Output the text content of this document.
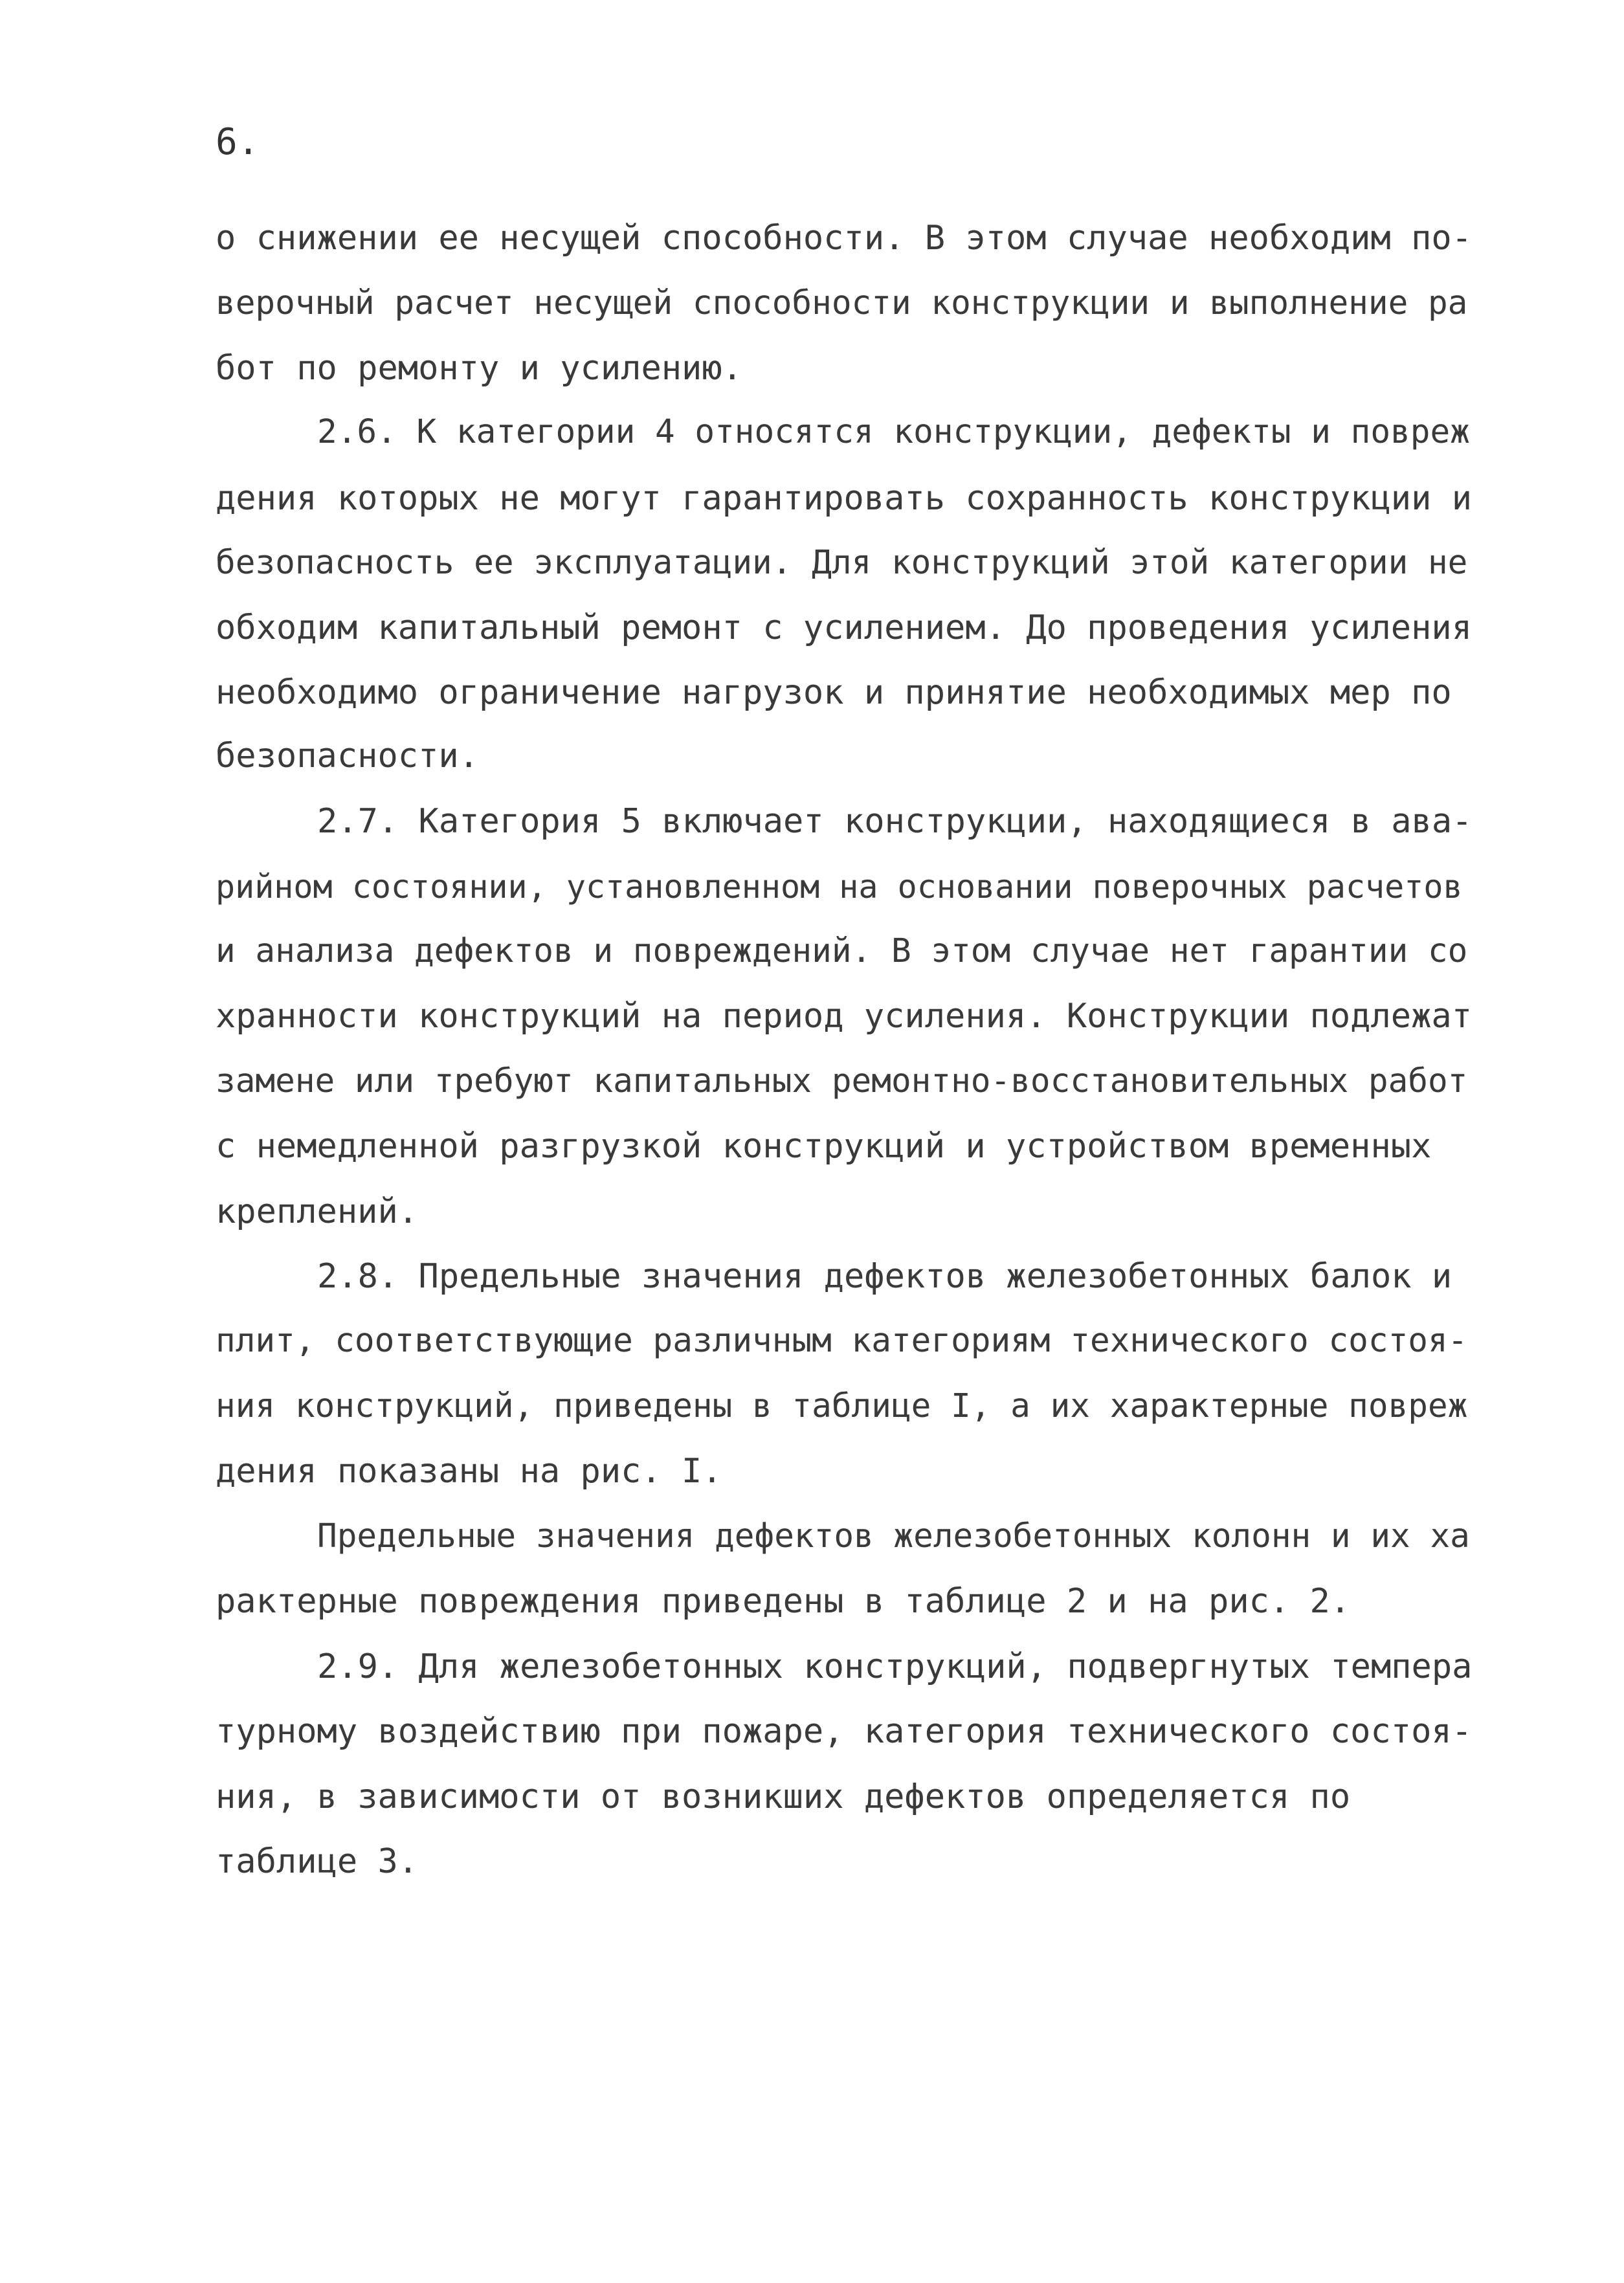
6.
о снижении ее несущей способности. В этом случае необходим по-
верочный расчет несущей способности конструкции и выполнение ра
бот по ремонту и усилению.
2.6. К категории 4 относятся конструкции, дефекты и повреж
дения которых не могут гарантировать сохранность конструкции и
безопасность ее эксплуатации. Для конструкций этой категории не
обходим капитальный ремонт с усилением. До проведения усиления
необходимо ограничение нагрузок и принятие необходимых мер по
безопасности.
2.7. Категория 5 включает конструкции, находящиеся в ава-
рийном состоянии, установленном на основании поверочных расчетов
и анализа дефектов и повреждений. В этом случае нет гарантии со
хранности конструкций на период усиления. Конструкции подлежат
замене или требуют капитальных ремонтно-восстановительных работ
с немедленной разгрузкой конструкций и устройством временных
креплений.
2.8. Предельные значения дефектов железобетонных балок и
плит, соответствующие различным категориям технического состоя-
ния конструкций, приведены в таблице I, а их характерные повреж
дения показаны на рис. I.
Предельные значения дефектов железобетонных колонн и их ха
рактерные повреждения приведены в таблице 2 и на рис. 2.
2.9. Для железобетонных конструкций, подвергнутых темпера
турному воздействию при пожаре, категория технического состоя-
ния, в зависимости от возникших дефектов определяется по
таблице 3.
